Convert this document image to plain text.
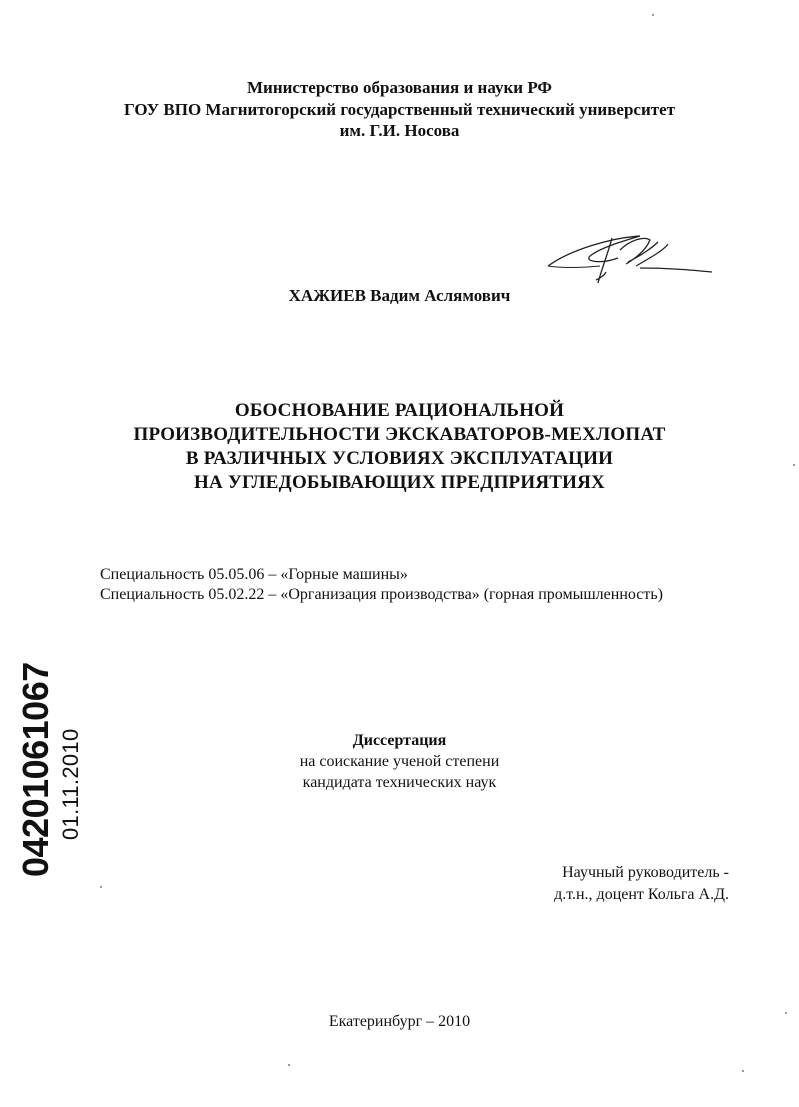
Министерство образования и науки РФ
ГОУ ВПО Магнитогорский государственный технический университет
им. Г.И. Носова
ХАЖИЕВ Вадим Аслямович
ОБОСНОВАНИЕ РАЦИОНАЛЬНОЙ
ПРОИЗВОДИТЕЛЬНОСТИ ЭКСКАВАТОРОВ-МЕХЛОПАТ
В РАЗЛИЧНЫХ УСЛОВИЯХ ЭКСПЛУАТАЦИИ
НА УГЛЕДОБЫВАЮЩИХ ПРЕДПРИЯТИЯХ
Специальность 05.05.06 – «Горные машины»
Специальность 05.02.22 – «Организация производства» (горная промышленность)
Диссертация
на соискание ученой степени
кандидата технических наук
Научный руководитель -
д.т.н., доцент Кольга А.Д.
Екатеринбург – 2010
04201061067 01.11.2010
